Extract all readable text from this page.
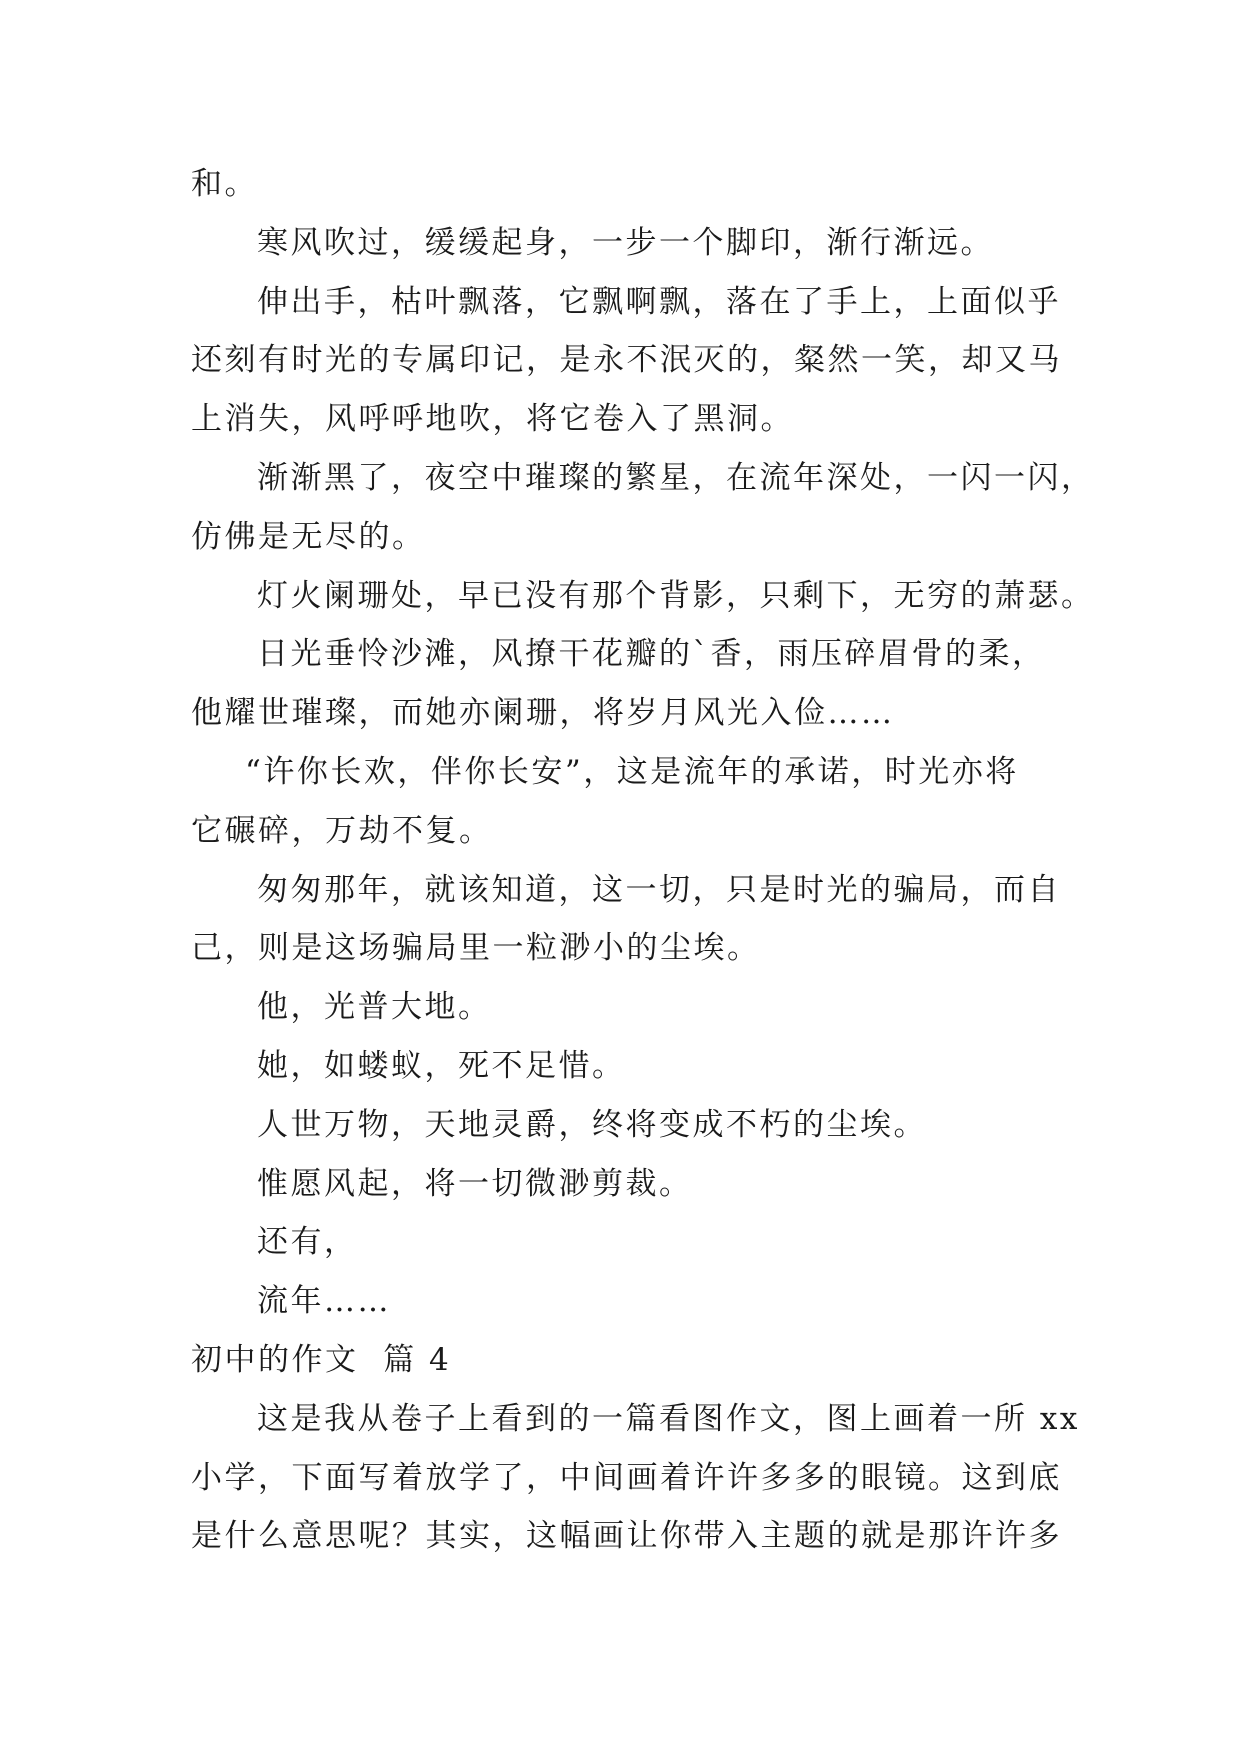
和。
寒风吹过，缓缓起身，一步一个脚印，渐行渐远。
伸出手，枯叶飘落，它飘啊飘，落在了手上，上面似乎
还刻有时光的专属印记，是永不泯灭的，粲然一笑，却又马
上消失，风呼呼地吹，将它卷入了黑洞。
渐渐黑了，夜空中璀璨的繁星，在流年深处，一闪一闪，
仿佛是无尽的。
灯火阑珊处，早已没有那个背影，只剩下，无穷的萧瑟。
日光垂怜沙滩，风撩干花瓣的`香，雨压碎眉骨的柔，
他耀世璀璨，而她亦阑珊，将岁月风光入俭……
“许你长欢，伴你长安”，这是流年的承诺，时光亦将
它碾碎，万劫不复。
匆匆那年，就该知道，这一切，只是时光的骗局，而自
己，则是这场骗局里一粒渺小的尘埃。
他，光普大地。
她，如蝼蚁，死不足惜。
人世万物，天地灵爵，终将变成不朽的尘埃。
惟愿风起，将一切微渺剪裁。
还有，
流年……
初中的作文  篇 4
这是我从卷子上看到的一篇看图作文，图上画着一所 xx
小学，下面写着放学了，中间画着许许多多的眼镜。这到底
是什么意思呢？其实，这幅画让你带入主题的就是那许许多
